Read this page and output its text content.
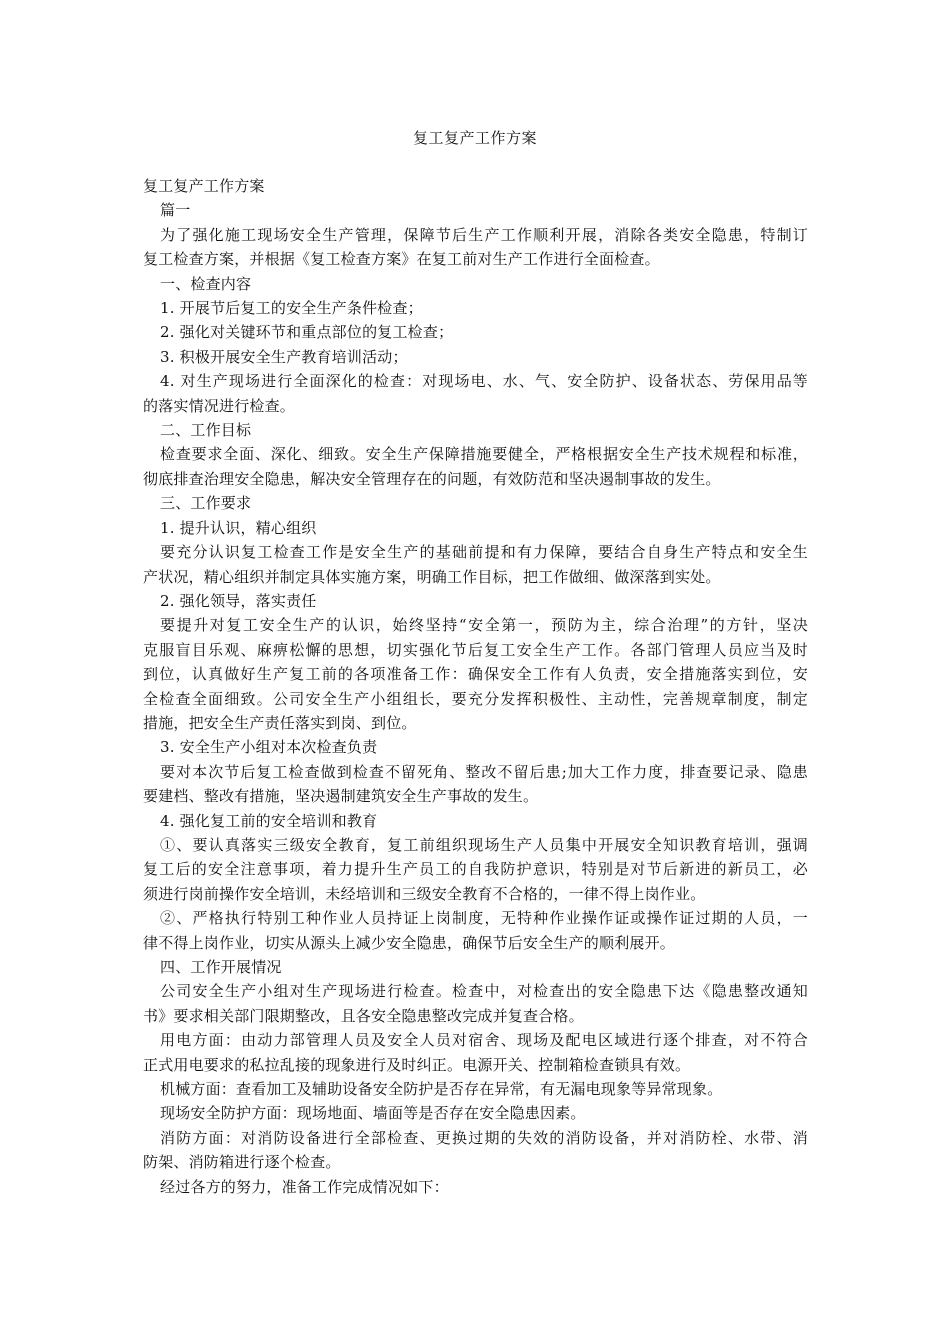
复工复产工作方案
复工复产工作方案
篇一
为了强化施工现场安全生产管理，保障节后生产工作顺利开展，消除各类安全隐患，特制订
复工检查方案，并根据《复工检查方案》在复工前对生产工作进行全面检查。
一、检查内容
1. 开展节后复工的安全生产条件检查；
2. 强化对关键环节和重点部位的复工检查；
3. 积极开展安全生产教育培训活动；
4. 对生产现场进行全面深化的检查：对现场电、水、气、安全防护、设备状态、劳保用品等
的落实情况进行检查。
二、工作目标
检查要求全面、深化、细致。安全生产保障措施要健全，严格根据安全生产技术规程和标准，
彻底排查治理安全隐患，解决安全管理存在的问题，有效防范和坚决遏制事故的发生。
三、工作要求
1. 提升认识，精心组织
要充分认识复工检查工作是安全生产的基础前提和有力保障，要结合自身生产特点和安全生
产状况，精心组织并制定具体实施方案，明确工作目标，把工作做细、做深落到实处。
2. 强化领导，落实责任
要提升对复工安全生产的认识，始终坚持“安全第一，预防为主，综合治理”的方针，坚决
克服盲目乐观、麻痹松懈的思想，切实强化节后复工安全生产工作。各部门管理人员应当及时
到位，认真做好生产复工前的各项准备工作：确保安全工作有人负责，安全措施落实到位，安
全检查全面细致。公司安全生产小组组长，要充分发挥积极性、主动性，完善规章制度，制定
措施，把安全生产责任落实到岗、到位。
3. 安全生产小组对本次检查负责
要对本次节后复工检查做到检查不留死角、整改不留后患;加大工作力度，排查要记录、隐患
要建档、整改有措施，坚决遏制建筑安全生产事故的发生。
4. 强化复工前的安全培训和教育
①、要认真落实三级安全教育，复工前组织现场生产人员集中开展安全知识教育培训，强调
复工后的安全注意事项，着力提升生产员工的自我防护意识，特别是对节后新进的新员工，必
须进行岗前操作安全培训，未经培训和三级安全教育不合格的，一律不得上岗作业。
②、严格执行特别工种作业人员持证上岗制度，无特种作业操作证或操作证过期的人员，一
律不得上岗作业，切实从源头上减少安全隐患，确保节后安全生产的顺利展开。
四、工作开展情况
公司安全生产小组对生产现场进行检查。检查中，对检查出的安全隐患下达《隐患整改通知
书》要求相关部门限期整改，且各安全隐患整改完成并复查合格。
用电方面：由动力部管理人员及安全人员对宿舍、现场及配电区域进行逐个排查，对不符合
正式用电要求的私拉乱接的现象进行及时纠正。电源开关、控制箱检查锁具有效。
机械方面：查看加工及辅助设备安全防护是否存在异常，有无漏电现象等异常现象。
现场安全防护方面：现场地面、墙面等是否存在安全隐患因素。
消防方面：对消防设备进行全部检查、更换过期的失效的消防设备，并对消防栓、水带、消
防架、消防箱进行逐个检查。
经过各方的努力，准备工作完成情况如下：
